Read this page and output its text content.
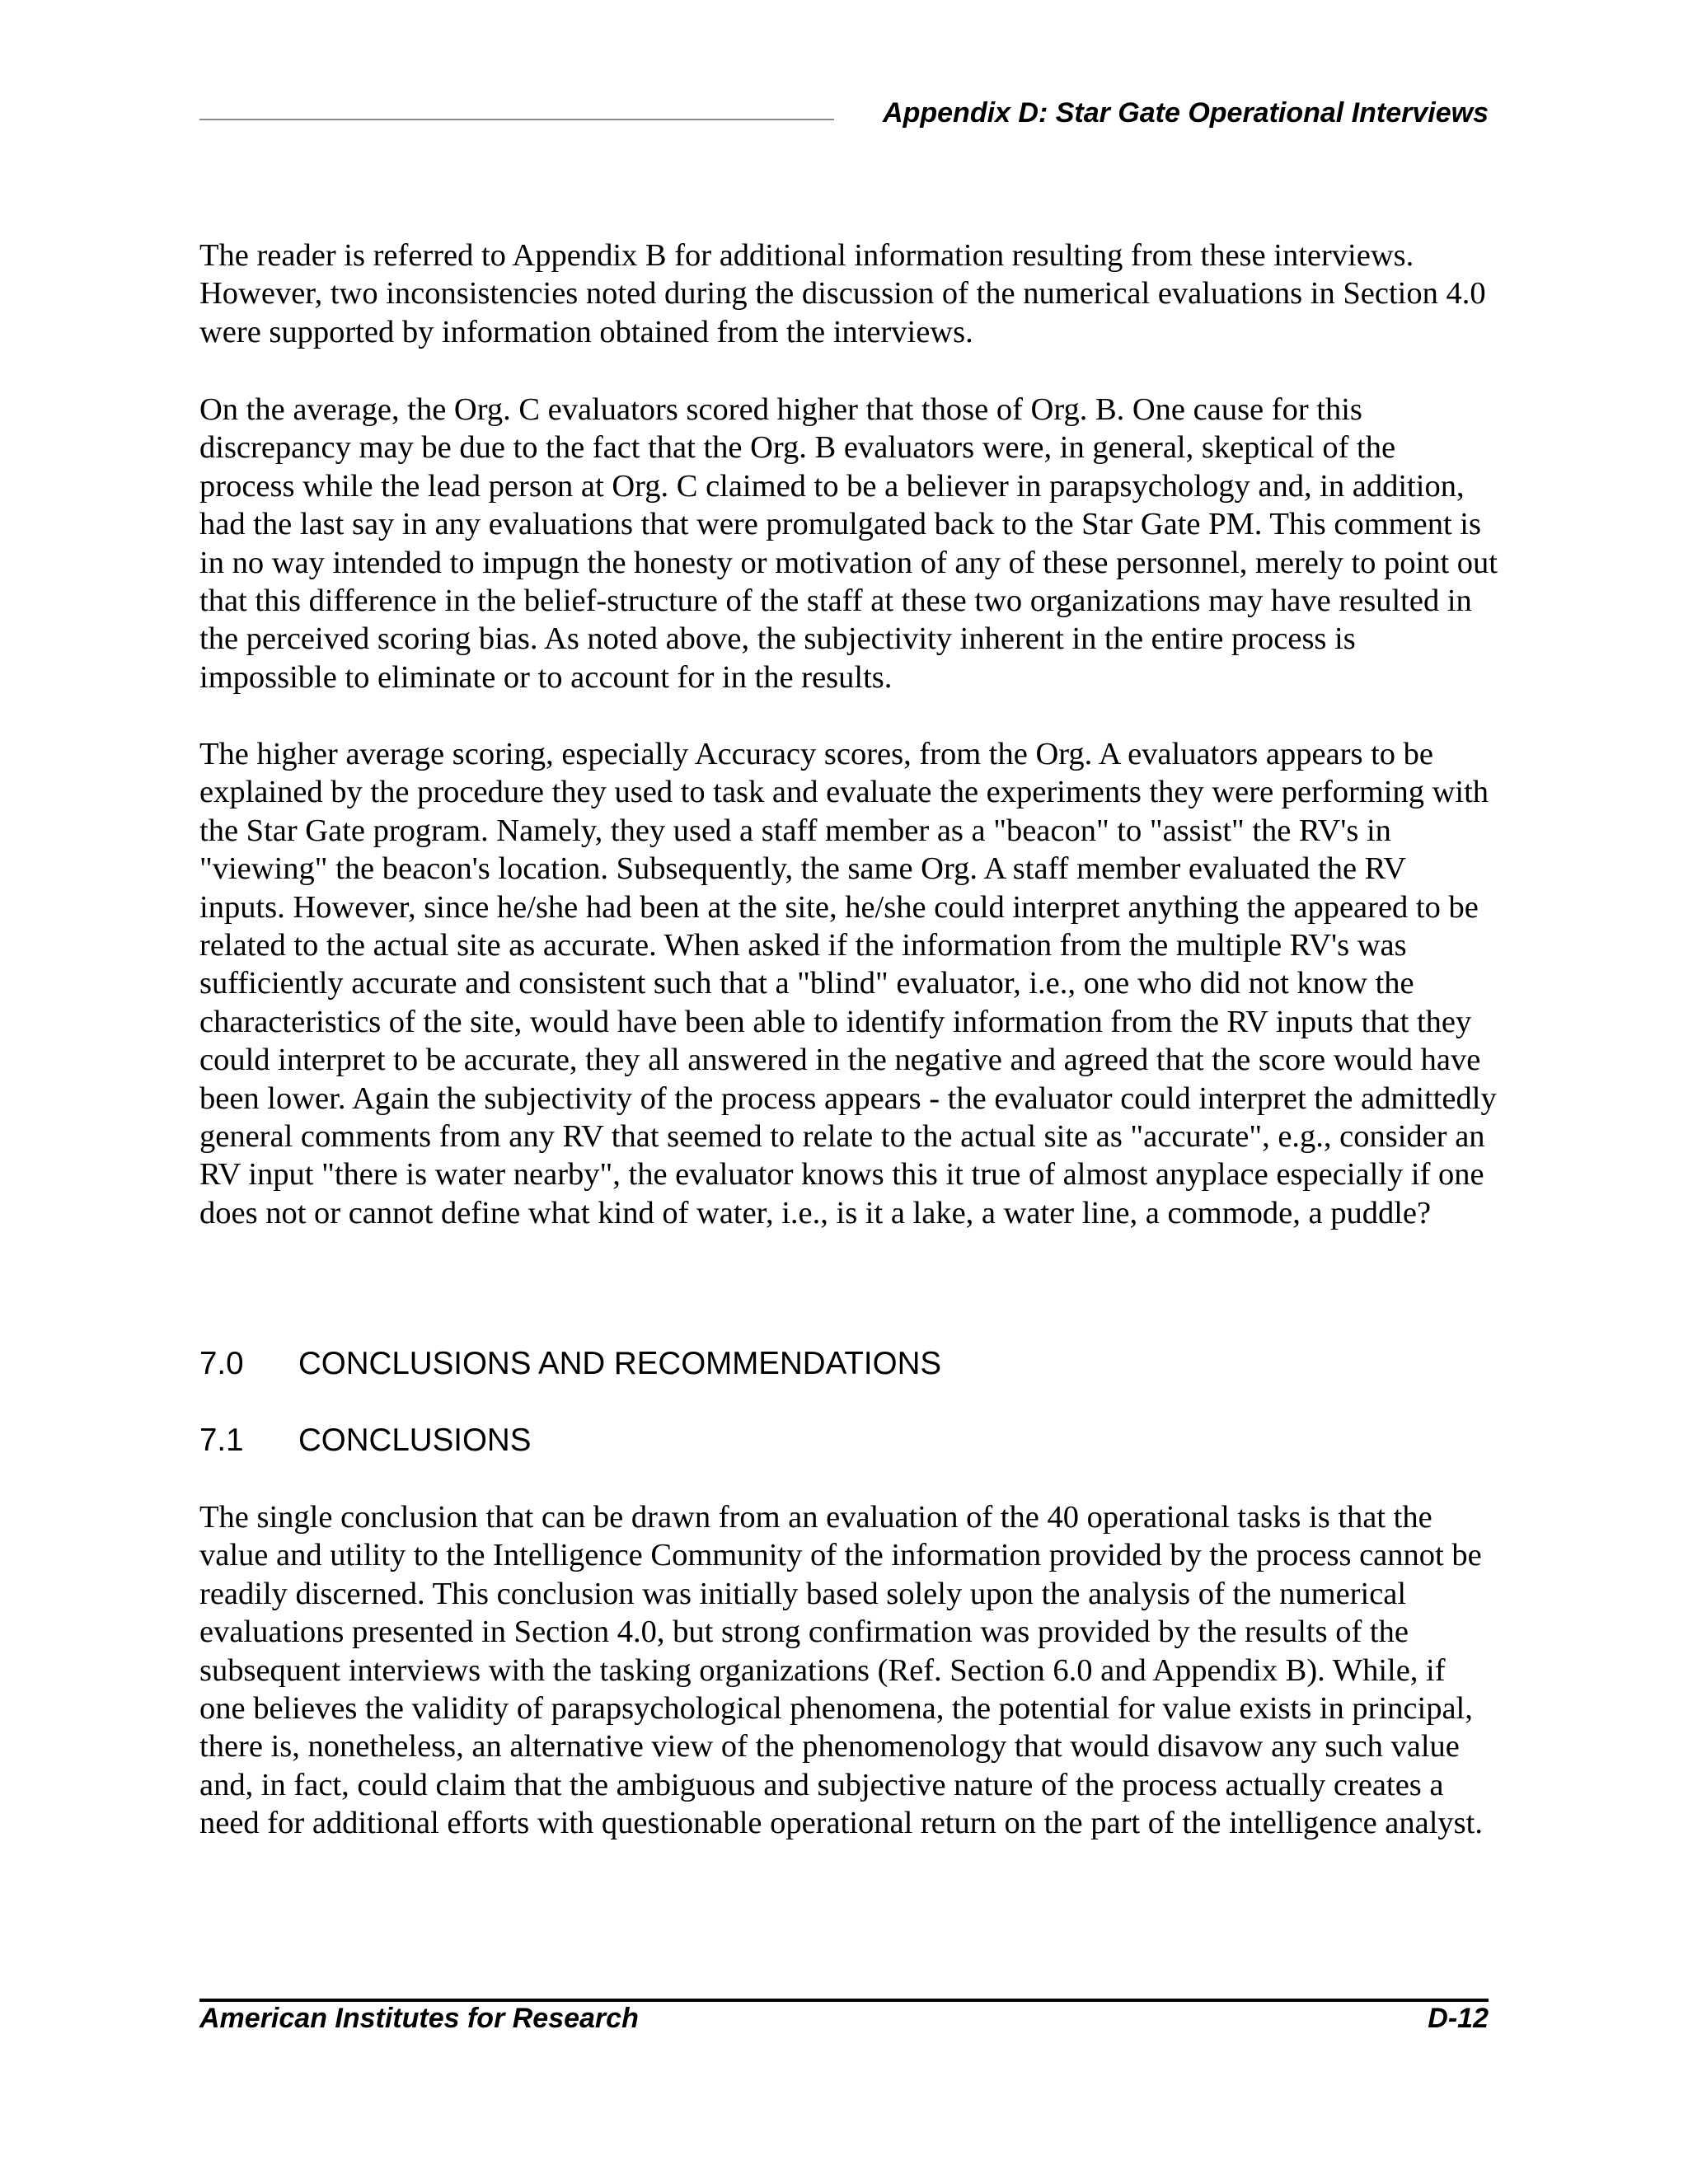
Appendix D: Star Gate Operational Interviews

The reader is referred to Appendix B for additional information resulting from these interviews. However, two inconsistencies noted during the discussion of the numerical evaluations in Section 4.0 were supported by information obtained from the interviews.

On the average, the Org. C evaluators scored higher that those of Org. B. One cause for this discrepancy may be due to the fact that the Org. B evaluators were, in general, skeptical of the process while the lead person at Org. C claimed to be a believer in parapsychology and, in addition, had the last say in any evaluations that were promulgated back to the Star Gate PM. This comment is in no way intended to impugn the honesty or motivation of any of these personnel, merely to point out that this difference in the belief-structure of the staff at these two organizations may have resulted in the perceived scoring bias. As noted above, the subjectivity inherent in the entire process is impossible to eliminate or to account for in the results.

The higher average scoring, especially Accuracy scores, from the Org. A evaluators appears to be explained by the procedure they used to task and evaluate the experiments they were performing with the Star Gate program. Namely, they used a staff member as a "beacon" to "assist" the RV's in "viewing" the beacon's location. Subsequently, the same Org. A staff member evaluated the RV inputs. However, since he/she had been at the site, he/she could interpret anything the appeared to be related to the actual site as accurate. When asked if the information from the multiple RV's was sufficiently accurate and consistent such that a "blind" evaluator, i.e., one who did not know the characteristics of the site, would have been able to identify information from the RV inputs that they could interpret to be accurate, they all answered in the negative and agreed that the score would have been lower. Again the subjectivity of the process appears - the evaluator could interpret the admittedly general comments from any RV that seemed to relate to the actual site as "accurate", e.g., consider an RV input "there is water nearby", the evaluator knows this it true of almost anyplace especially if one does not or cannot define what kind of water, i.e., is it a lake, a water line, a commode, a puddle?

7.0 CONCLUSIONS AND RECOMMENDATIONS
7.1 CONCLUSIONS

The single conclusion that can be drawn from an evaluation of the 40 operational tasks is that the value and utility to the Intelligence Community of the information provided by the process cannot be readily discerned. This conclusion was initially based solely upon the analysis of the numerical evaluations presented in Section 4.0, but strong confirmation was provided by the results of the subsequent interviews with the tasking organizations (Ref. Section 6.0 and Appendix B). While, if one believes the validity of parapsychological phenomena, the potential for value exists in principal, there is, nonetheless, an alternative view of the phenomenology that would disavow any such value and, in fact, could claim that the ambiguous and subjective nature of the process actually creates a need for additional efforts with questionable operational return on the part of the intelligence analyst.

American Institutes for Research	D-12
